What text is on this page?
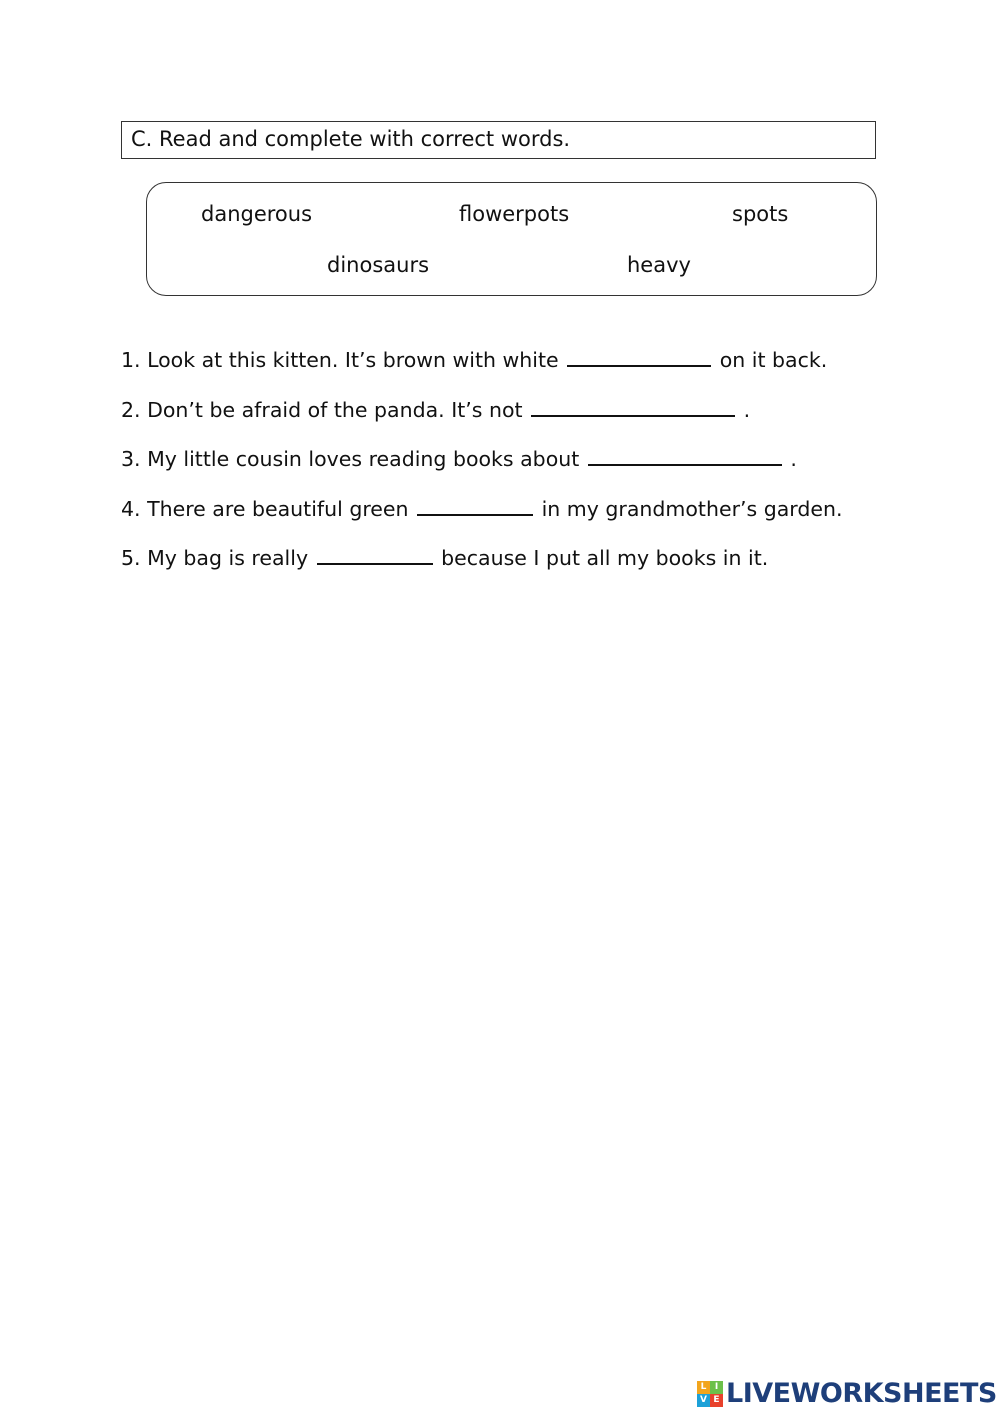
C. Read and complete with correct words.
dangerous	flowerpots	spots
dinosaurs	heavy
1. Look at this kitten. It’s brown with white	on it back.
2. Don’t be afraid of the panda. It’s not	.
3. My little cousin loves reading books about	.
4. There are beautiful green	in my grandmother’s garden.
5. My bag is really	because I put all my books in it.
L I
V E LIVEWORKSHEETS
